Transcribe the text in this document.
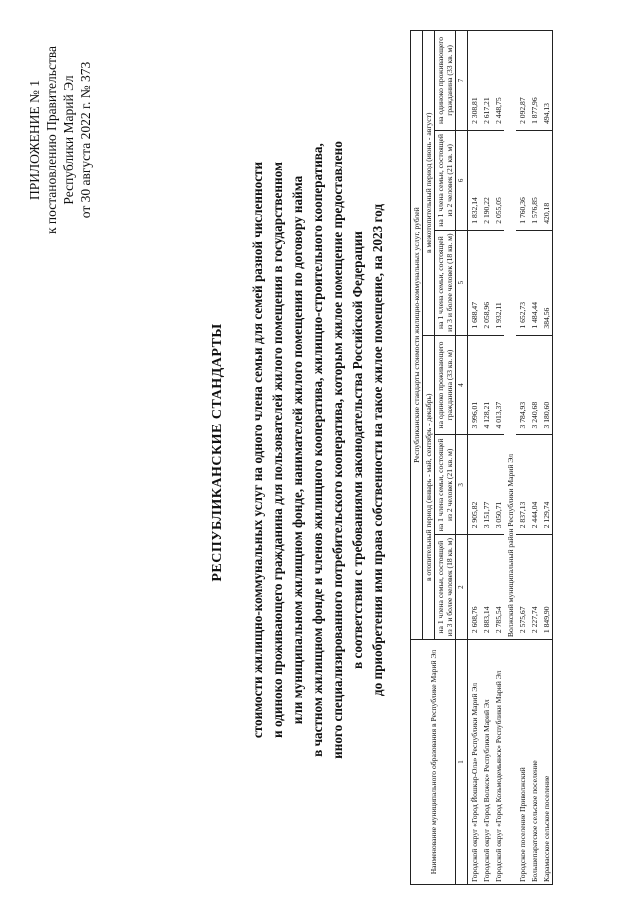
ПРИЛОЖЕНИЕ № 1 к постановлению Правительства Республики Марий Эл от 30 августа 2022 г. № 373
РЕСПУБЛИКАНСКИЕ СТАНДАРТЫ стоимости жилищно-коммунальных услуг на одного члена семьи для семей разной численности и одиноко проживающего гражданина для пользователей жилого помещения в государственном или муниципальном жилищном фонде, нанимателей жилого помещения по договору найма в частном жилищном фонде и членов жилищного кооператива, жилищно-строительного кооператива, иного специализированного потребительского кооператива, которым жилое помещение предоставлено в соответствии с требованиями законодательства Российской Федерации до приобретения ими права собственности на такое жилое помещение, на 2023 год
Наименование муниципального образования в Республике Марий Эл	Республиканские стандарты стоимости жилищно-коммунальных услуг, рублей					
	в отопительный период (январь - май, сентябрь - декабрь)			в межотопительный период (июнь - август)		
	на 1 члена семьи, состоящей из 3 и более человек (18 кв. м)	на 1 члена семьи, состоящей из 2 человек (21 кв. м)	на одиноко проживающего гражданина (33 кв. м)	на 1 члена семьи, состоящей из 3 и более человек (18 кв. м)	на 1 члена семьи, состоящей из 2 человек (21 кв. м)	на одиноко проживающего гражданина (33 кв. м)
1	2	3	4	5	6	7
Городской округ «Город Йошкар-Ола» Республики Марий Эл	2 608,76	2 905,82	3 996,01	1 688,47	1 832,14	2 308,81
Городской округ «Город Волжск» Республики Марий Эл	2 883,14	3 151,77	4 128,21	2 058,96	2 190,22	2 617,21
Городской округ «Город Козьмодемьянск» Республики Марий Эл	2 785,54	3 050,71	4 013,37	1 932,11	2 055,05	2 448,75
	Волжский муниципальный район Республики Марий Эл					
Городское поселение Приволжский	2 575,67	2 837,13	3 784,93	1 652,73	1 760,36	2 092,87
Большепаратское сельское поселение	2 227,74	2 444,04	3 240,68	1 484,44	1 576,85	1 877,96
Карамасское сельское поселение	1 849,90	2 129,74	3 180,60	384,56	420,18	494,13
